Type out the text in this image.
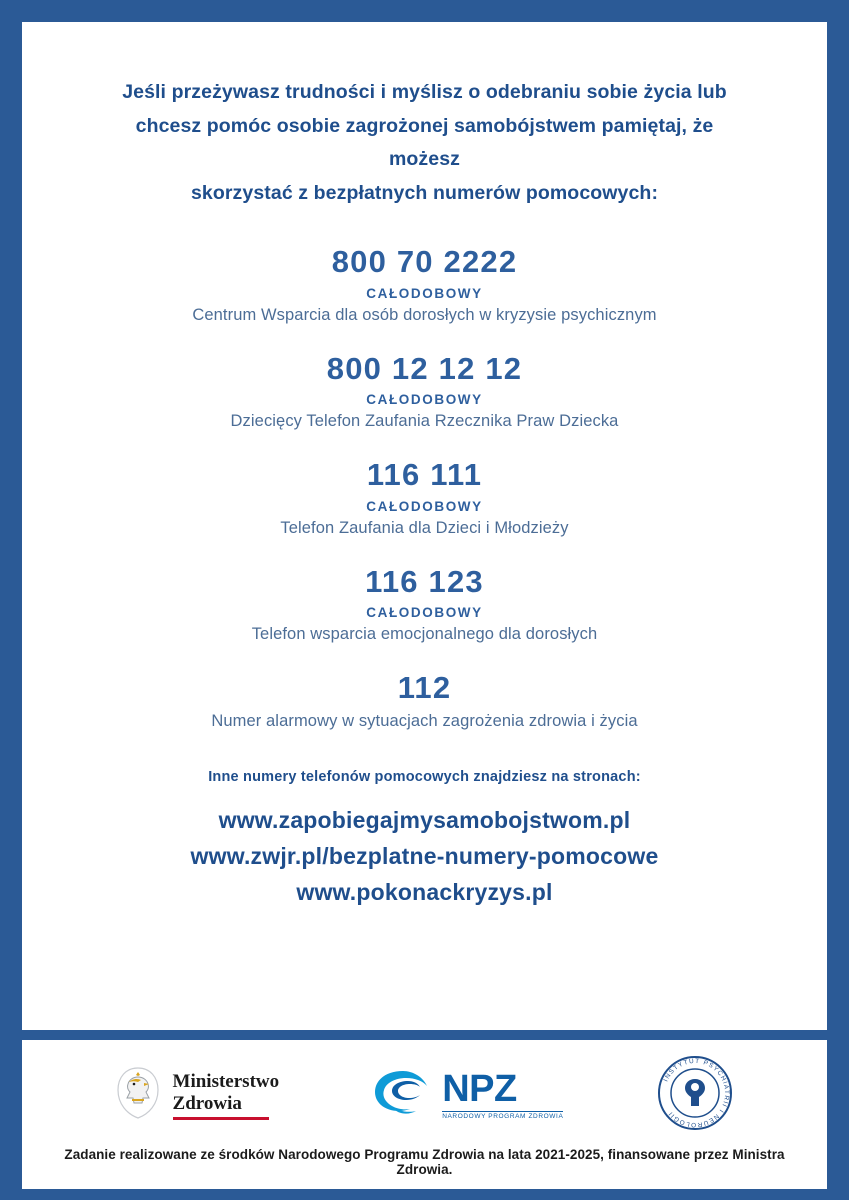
Jeśli przeżywasz trudności i myślisz o odebraniu sobie życia lub
chcesz pomóc osobie zagrożonej samobójstwem pamiętaj, że możesz
skorzystać z bezpłatnych numerów pomocowych:
800 70 2222
CAŁODOBOWY
Centrum Wsparcia dla osób dorosłych w kryzysie psychicznym
800 12 12 12
CAŁODOBOWY
Dziecięcy Telefon Zaufania Rzecznika Praw Dziecka
116 111
CAŁODOBOWY
Telefon Zaufania dla Dzieci i Młodzieży
116 123
CAŁODOBOWY
Telefon wsparcia emocjonalnego dla dorosłych
112
Numer alarmowy w sytuacjach zagrożenia zdrowia i życia
Inne numery telefonów pomocowych znajdziesz na stronach:
www.zapobiegajmysamobojstwom.pl
www.zwjr.pl/bezplatne-numery-pomocowe
www.pokonackryzys.pl
Ministerstwo
Zdrowia	NPZ
NARODOWY PROGRAM ZDROWIA
INSTYTUT PSYCHIATRII I NEUROLOGII
Zadanie realizowane ze środków Narodowego Programu Zdrowia na lata 2021-2025, finansowane przez Ministra Zdrowia.
